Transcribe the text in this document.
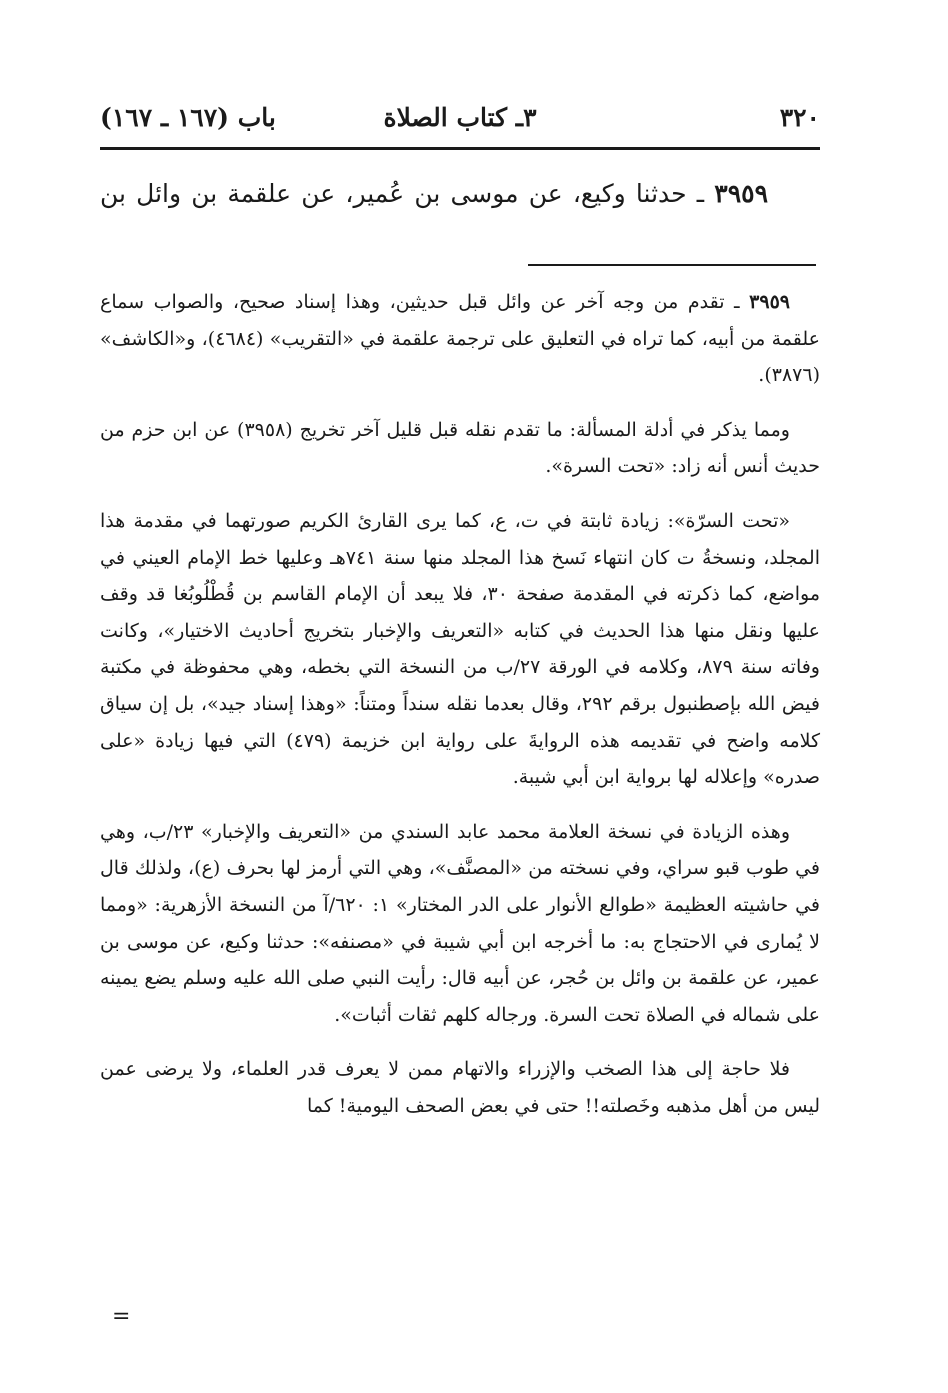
٣٢٠
٣ـ كتاب الصلاة
باب (١٦٧ ـ ١٦٧)
٣٩٥٩ ـ حدثنا وكيع، عن موسى بن عُمير، عن علقمة بن وائل بن

٣٩٥٩ ـ تقدم من وجه آخر عن وائل قبل حديثين، وهذا إسناد صحيح، والصواب سماع علقمة من أبيه، كما تراه في التعليق على ترجمة علقمة في «التقريب» (٤٦٨٤)، و«الكاشف» (٣٨٧٦).

ومما يذكر في أدلة المسألة: ما تقدم نقله قبل قليل آخر تخريج (٣٩٥٨) عن ابن حزم من حديث أنس أنه زاد: «تحت السرة».

«تحت السرّة»: زيادة ثابتة في ت، ع، كما يرى القارئ الكريم صورتهما في مقدمة هذا المجلد، ونسخةُ ت كان انتهاء نَسخ هذا المجلد منها سنة ٧٤١هـ وعليها خط الإمام العيني في مواضع، كما ذكرته في المقدمة صفحة ٣٠، فلا يبعد أن الإمام القاسم بن قُطْلُوبُغا قد وقف عليها ونقل منها هذا الحديث في كتابه «التعريف والإخبار بتخريج أحاديث الاختيار»، وكانت وفاته سنة ٨٧٩، وكلامه في الورقة ٢٧/ب من النسخة التي بخطه، وهي محفوظة في مكتبة فيض الله بإصطنبول برقم ٢٩٢، وقال بعدما نقله سنداً ومتناً: «وهذا إسناد جيد»، بل إن سياق كلامه واضح في تقديمه هذه الروايةَ على رواية ابن خزيمة (٤٧٩) التي فيها زيادة «على صدره» وإعلاله لها برواية ابن أبي شيبة.

وهذه الزيادة في نسخة العلامة محمد عابد السندي من «التعريف والإخبار» ٢٣/ب، وهي في طوب قبو سراي، وفي نسخته من «المصنَّف»، وهي التي أرمز لها بحرف (ع)، ولذلك قال في حاشيته العظيمة «طوالع الأنوار على الدر المختار» ١: ٦٢٠/آ من النسخة الأزهرية: «ومما لا يُمارى في الاحتجاج به: ما أخرجه ابن أبي شيبة في «مصنفه»: حدثنا وكيع، عن موسى بن عمير، عن علقمة بن وائل بن حُجر، عن أبيه قال: رأيت النبي صلى الله عليه وسلم يضع يمينه على شماله في الصلاة تحت السرة. ورجاله كلهم ثقات أثبات».

فلا حاجة إلى هذا الصخب والإزراء والاتهام ممن لا يعرف قدر العلماء، ولا يرضى عمن ليس من أهل مذهبه وخَصلته!! حتى في بعض الصحف اليومية! كما

=
